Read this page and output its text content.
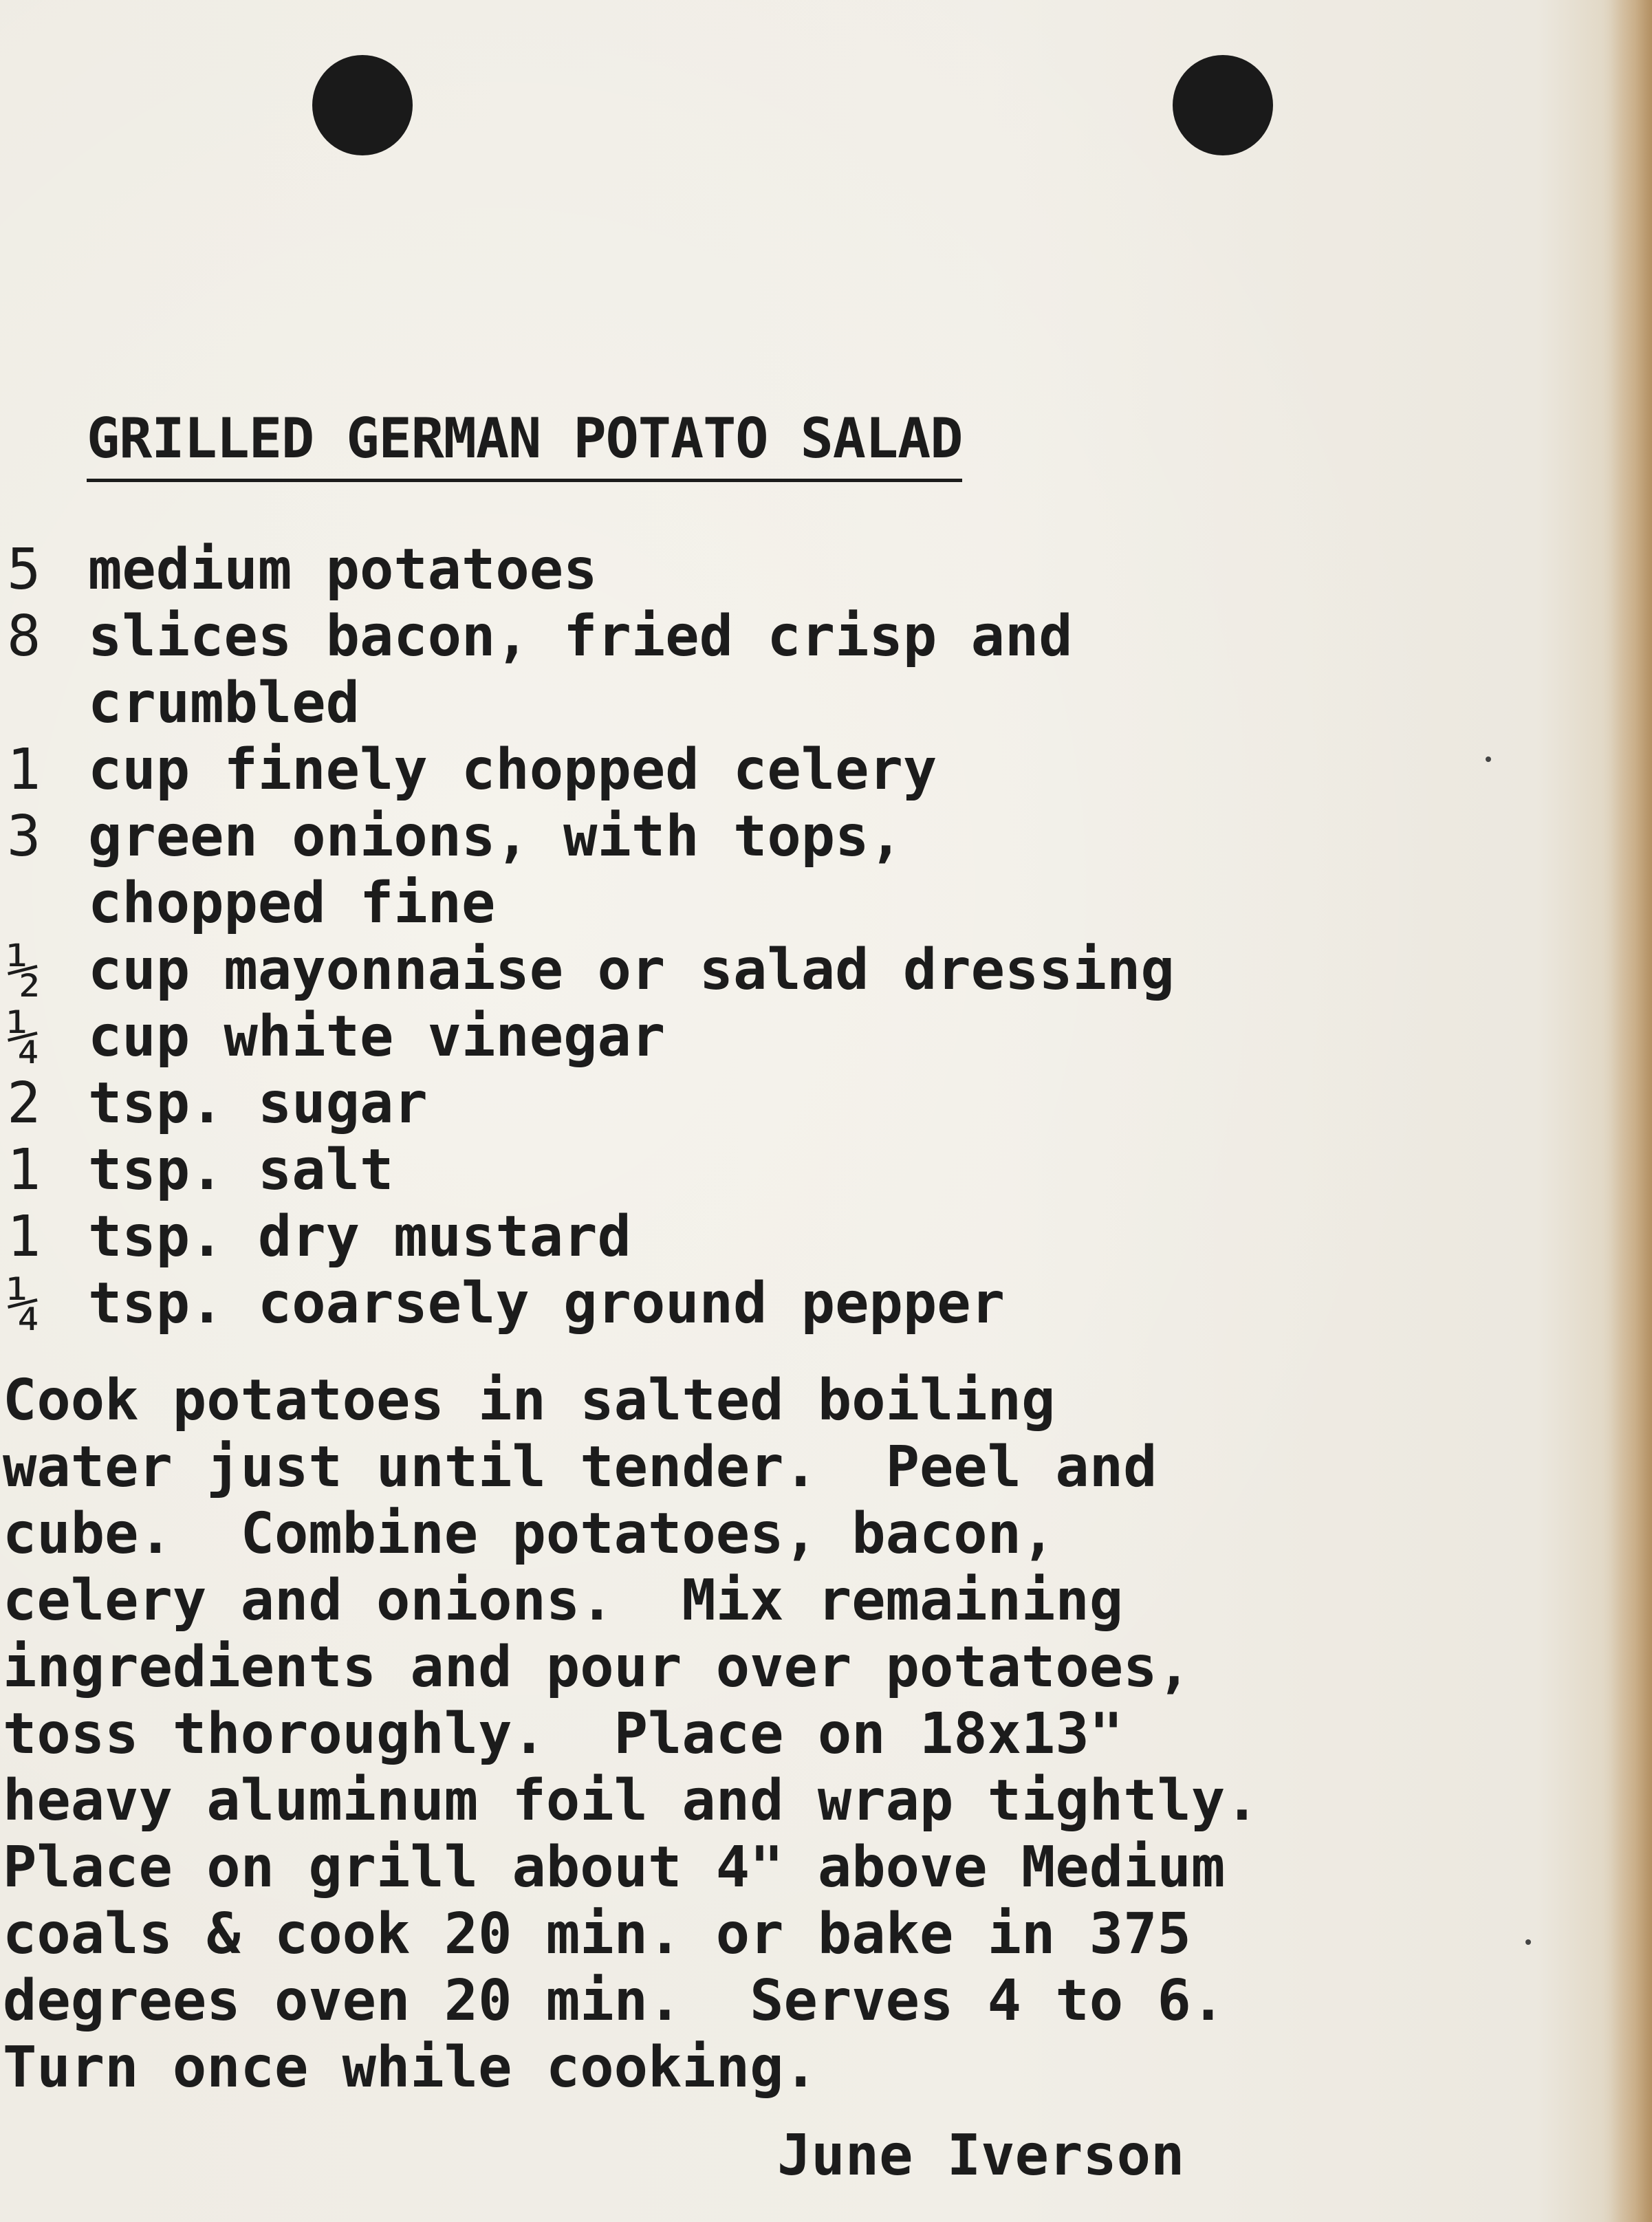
GRILLED GERMAN POTATO SALAD
5 medium potatoes
8 slices bacon, fried crisp and
crumbled
1 cup finely chopped celery
3 green onions, with tops,
chopped fine
½ cup mayonnaise or salad dressing
¼ cup white vinegar
2 tsp. sugar
1 tsp. salt
1 tsp. dry mustard
¼ tsp. coarsely ground pepper
Cook potatoes in salted boiling
water just until tender.  Peel and
cube.  Combine potatoes, bacon,
celery and onions.  Mix remaining
ingredients and pour over potatoes,
toss thoroughly.  Place on 18x13"
heavy aluminum foil and wrap tightly.
Place on grill about 4" above Medium
coals & cook 20 min. or bake in 375
degrees oven 20 min.  Serves 4 to 6.
Turn once while cooking.
June Iverson
